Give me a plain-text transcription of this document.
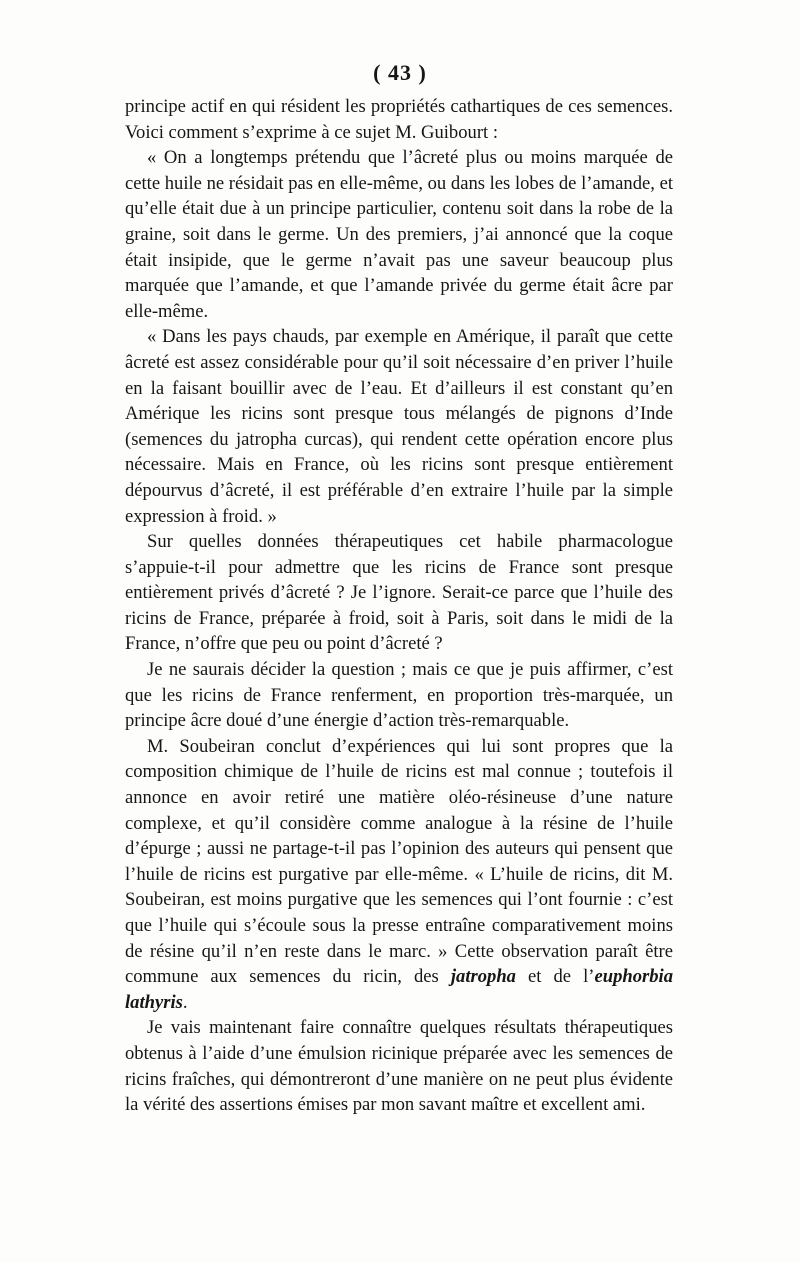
( 43 )

principe actif en qui résident les propriétés cathartiques de ces semences. Voici comment s’exprime à ce sujet M. Guibourt :

« On a longtemps prétendu que l’âcreté plus ou moins marquée de cette huile ne résidait pas en elle-même, ou dans les lobes de l’amande, et qu’elle était due à un principe particulier, contenu soit dans la robe de la graine, soit dans le germe. Un des premiers, j’ai annoncé que la coque était insipide, que le germe n’avait pas une saveur beaucoup plus marquée que l’amande, et que l’amande privée du germe était âcre par elle-même.

« Dans les pays chauds, par exemple en Amérique, il paraît que cette âcreté est assez considérable pour qu’il soit nécessaire d’en priver l’huile en la faisant bouillir avec de l’eau. Et d’ailleurs il est constant qu’en Amérique les ricins sont presque tous mélangés de pignons d’Inde (semences du jatropha curcas), qui rendent cette opération encore plus nécessaire. Mais en France, où les ricins sont presque entièrement dépourvus d’âcreté, il est préférable d’en extraire l’huile par la simple expression à froid. »

Sur quelles données thérapeutiques cet habile pharmacologue s’appuie-t-il pour admettre que les ricins de France sont presque entièrement privés d’âcreté ? Je l’ignore. Serait-ce parce que l’huile des ricins de France, préparée à froid, soit à Paris, soit dans le midi de la France, n’offre que peu ou point d’âcreté ?

Je ne saurais décider la question ; mais ce que je puis affirmer, c’est que les ricins de France renferment, en proportion très-marquée, un principe âcre doué d’une énergie d’action très-remarquable.

M. Soubeiran conclut d’expériences qui lui sont propres que la composition chimique de l’huile de ricins est mal connue ; toutefois il annonce en avoir retiré une matière oléo-résineuse d’une nature complexe, et qu’il considère comme analogue à la résine de l’huile d’épurge ; aussi ne partage-t-il pas l’opinion des auteurs qui pensent que l’huile de ricins est purgative par elle-même. « L’huile de ricins, dit M. Soubeiran, est moins purgative que les semences qui l’ont fournie : c’est que l’huile qui s’écoule sous la presse entraîne comparativement moins de résine qu’il n’en reste dans le marc. » Cette observation paraît être commune aux semences du ricin, des jatropha et de l’euphorbia lathyris.

Je vais maintenant faire connaître quelques résultats thérapeutiques obtenus à l’aide d’une émulsion ricinique préparée avec les semences de ricins fraîches, qui démontreront d’une manière on ne peut plus évidente la vérité des assertions émises par mon savant maître et excellent ami.
